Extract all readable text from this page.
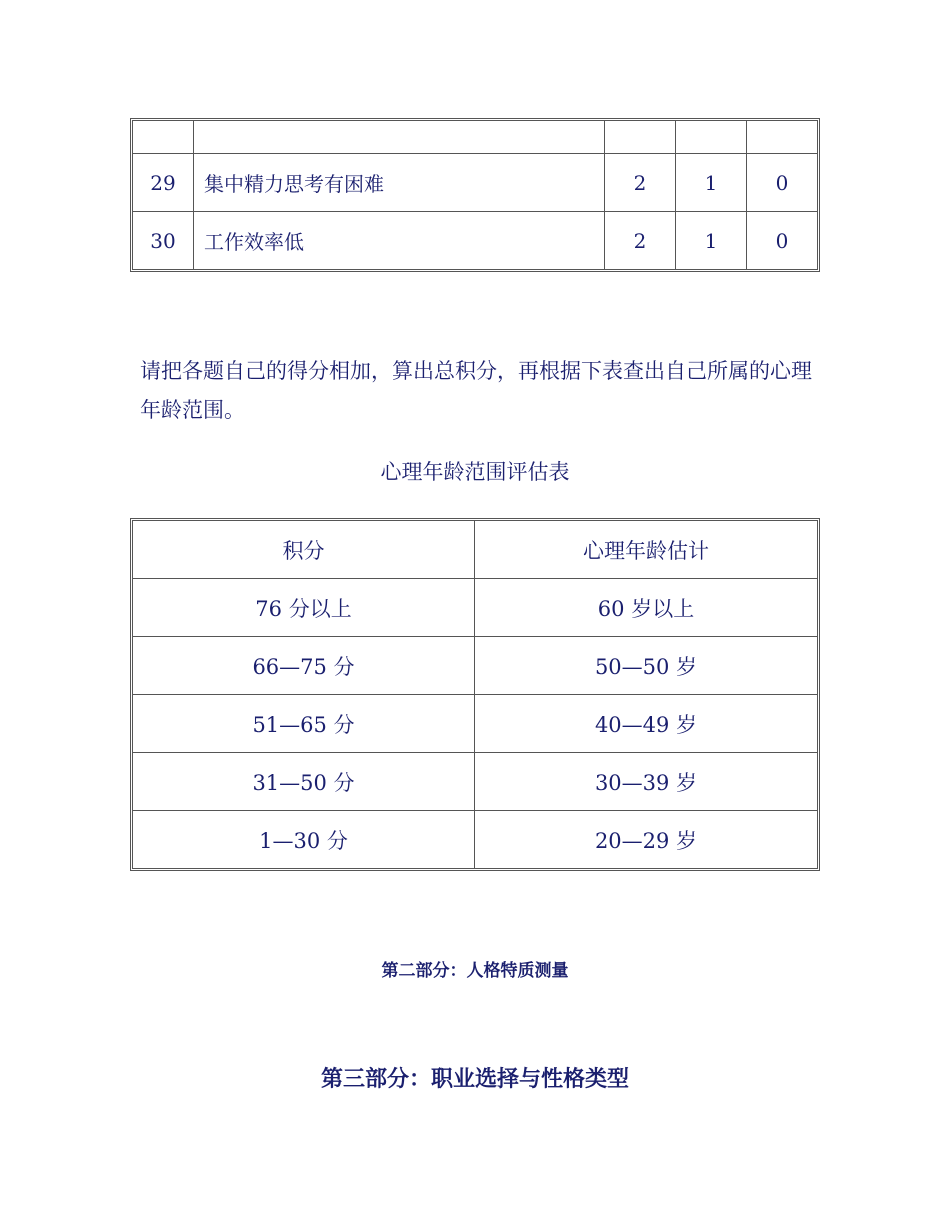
29	集中精力思考有困难	2	1	0
30	工作效率低	2	1	0

请把各题自己的得分相加，算出总积分，再根据下表查出自己所属的心理年龄范围。

心理年龄范围评估表

积分	心理年龄估计
76 分以上	60 岁以上
66—75 分	50—50 岁
51—65 分	40—49 岁
31—50 分	30—39 岁
1—30 分	20—29 岁

第二部分：人格特质测量

第三部分：职业选择与性格类型
